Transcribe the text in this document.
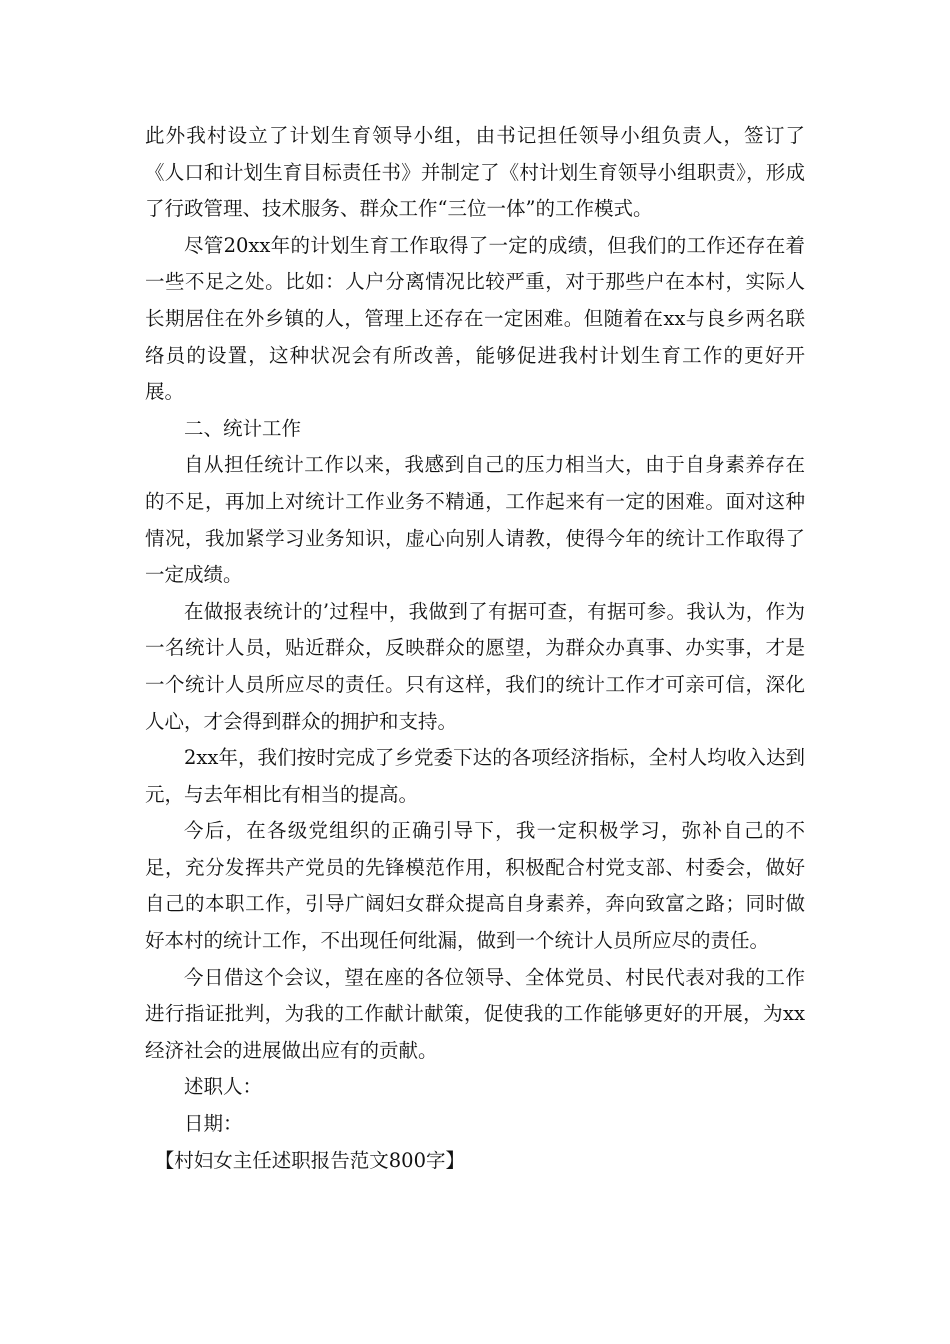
此外我村设立了计划生育领导小组，由书记担任领导小组负责人，签订了《人口和计划生育目标责任书》并制定了《村计划生育领导小组职责》，形成了行政管理、技术服务、群众工作“三位一体”的工作模式。

尽管20xx年的计划生育工作取得了一定的成绩，但我们的工作还存在着一些不足之处。比如：人户分离情况比较严重，对于那些户在本村，实际人长期居住在外乡镇的人，管理上还存在一定困难。但随着在xx与良乡两名联络员的设置，这种状况会有所改善，能够促进我村计划生育工作的更好开展。

二、统计工作

自从担任统计工作以来，我感到自己的压力相当大，由于自身素养存在的不足，再加上对统计工作业务不精通，工作起来有一定的困难。面对这种情况，我加紧学习业务知识，虚心向别人请教，使得今年的统计工作取得了一定成绩。

在做报表统计的’过程中，我做到了有据可查，有据可参。我认为，作为一名统计人员，贴近群众，反映群众的愿望，为群众办真事、办实事，才是一个统计人员所应尽的责任。只有这样，我们的统计工作才可亲可信，深化人心，才会得到群众的拥护和支持。

2xx年，我们按时完成了乡党委下达的各项经济指标，全村人均收入达到元，与去年相比有相当的提高。

今后，在各级党组织的正确引导下，我一定积极学习，弥补自己的不足，充分发挥共产党员的先锋模范作用，积极配合村党支部、村委会，做好自己的本职工作，引导广阔妇女群众提高自身素养，奔向致富之路；同时做好本村的统计工作，不出现任何纰漏，做到一个统计人员所应尽的责任。

今日借这个会议，望在座的各位领导、全体党员、村民代表对我的工作进行指证批判，为我的工作献计献策，促使我的工作能够更好的开展，为xx经济社会的进展做出应有的贡献。

述职人：

日期：

【村妇女主任述职报告范文800字】
